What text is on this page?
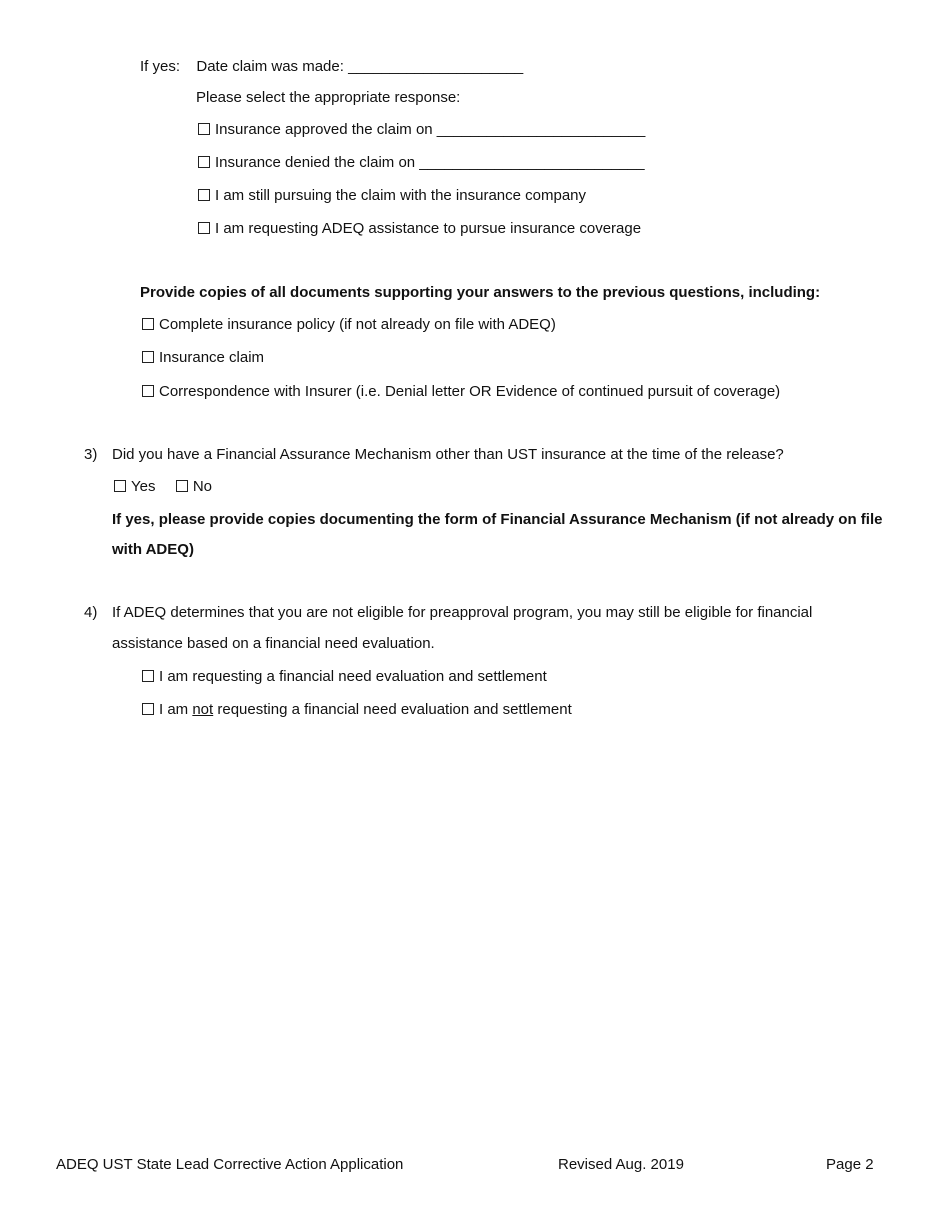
If yes: Date claim was made: _____________________
Please select the appropriate response:
Insurance approved the claim on _________________________
Insurance denied the claim on ___________________________
I am still pursuing the claim with the insurance company
I am requesting ADEQ assistance to pursue insurance coverage
Provide copies of all documents supporting your answers to the previous questions, including:
Complete insurance policy (if not already on file with ADEQ)
Insurance claim
Correspondence with Insurer (i.e. Denial letter OR Evidence of continued pursuit of coverage)
3) Did you have a Financial Assurance Mechanism other than UST insurance at the time of the release?
Yes No
If yes, please provide copies documenting the form of Financial Assurance Mechanism (if not already on file
with ADEQ)
4) If ADEQ determines that you are not eligible for preapproval program, you may still be eligible for financial
assistance based on a financial need evaluation.
I am requesting a financial need evaluation and settlement
I am not requesting a financial need evaluation and settlement
ADEQ UST State Lead Corrective Action Application	Revised Aug. 2019	Page 2
